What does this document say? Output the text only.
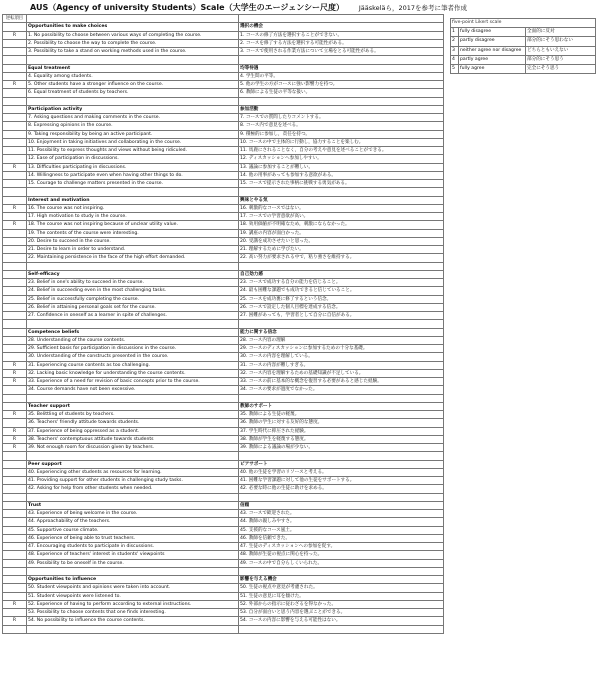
AUS（Agency of university Students）Scale（大学生のエージェンシー尺度） Jääskeläら，2017を参考に筆者作成
逆転項目		
	Opportunities to make choices	選択の機会
R	1. No possibility to choose between various ways of completing the course.	1. コースの修了方法を選択することができない。
	2. Possibility to choose the way to complete the course.	2. コースを修了する方法を選択する可能性がある。
	3. Possibility to take a stand on working methods used in the course.	3. コースで使用される作業方法について立場をとる可能性がある。

	Equal treatment	均等待遇
	4. Equality among students.	4. 学生間の平等。
R	5. Other students have a stronger influence on the course.	5. 他の学生の方がコースに強い影響力を持つ。
	6. Equal treatment of students by teachers.	6. 教師による生徒の平等な扱い。

	Participation activity	参加活動
	7. Asking questions and making comments in the course.	7. コースでの質問したりコメントする。
	8. Expressing opinions in the course.	8. コース内で意見を述べる。
	9. Taking responsibility by being an active participant.	9. 積極的に参加し，責任を持つ。
	10. Enjoyment in taking initiatives and collaborating in the course.	10. コースの中で主体的に行動し，協力することを楽しむ。
	11. Possibility to express thoughts and views without being ridiculed.	11. 馬鹿にされることなく，自分の考えや意見を述べることができる。
	12. Ease of participation in discussions.	12. ディスカッションへ参加しやすい。
R	13. Difficulties participating in discussions.	13. 議論に参加することが難しい。
	14. Willingness to participate even when having other things to do.	14. 他の用事があっても参加する意欲がある。
	15. Courage to challenge matters presented in the course.	15. コースで提示された事柄に挑戦する勇気がある。

	Interest and motivation	興味とやる気
R	16. The course was not inspiring.	16. 刺激的なコースではない。
	17. High motivation to study in the course.	17. コースでの学習意欲が高い。
R	18. The course was not inspiring because of unclear utility value.	18. 効用価値が不明確なため，刺激にならなかった。
	19. The contents of the course were interesting.	19. 講座の内容が面白かった。
	20. Desire to succeed in the course.	20. 受講を成功させたいと思った。
	21. Desire to learn in order to understand.	21. 理解するために学びたい。
	22. Maintaining persistence in the face of the high effort demanded.	22. 高い努力が要求される中で，粘り強さを維持する。

	Self-efficacy	自己効力感
	23. Belief in one's ability to succeed in the course.	23. コースで成功する自分の能力を信じること。
	24. Belief in succeeding even in the most challenging tasks.	24. 最も困難な課題でも成功できると信じていること。
	25. Belief in successfully completing the course.	25. コースを成功裏に修了するという信念。
	26. Belief in attaining personal goals set for the course.	26. コースで設定した個人目標を達成する信念。
	27. Confidence in oneself as a learner in spite of challenges.	27. 困難があっても，学習者として自分に自信がある。

	Competence beliefs	能力に関する信念
	28. Understanding of the course contents.	28. コース内容の理解
	29. Sufficient basis for participation in discussions in the course.	29. コースのディスカッションに参加するための十分な基礎。
	30. Understanding of the constructs presented in the course.	30. コースの内容を理解している。
R	31. Experiencing course contents as too challenging.	31. コースの内容が難しすぎる。
R	32. Lacking basic knowledge for understanding the course contents.	32. コース内容を理解するための基礎知識が不足している。
R	33. Experience of a need for revision of basic concepts prior to the course.	33. コースの前に基本的な概念を復習する必要があると感じた経験。
	34. Course demands have not been excessive.	34. コースの要求が過度でなかった。

	Teacher support	教師のサポート
R	35. Belittling of students by teachers.	35. 教師による生徒の軽蔑。
	36. Teachers' friendly attitude towards students.	36. 教師の学生に対する友好的な態度。
R	37. Experience of being oppressed as a student.	37. 学生時代に抑圧された経験。
R	38. Teachers' contemptuous attitude towards students	38. 教師が学生を軽蔑する態度。
R	39. Not enough room for discussion given by teachers.	39. 教師による議論の場が少ない。

	Peer support	ピアサポート
	40. Experiencing other students as resources for learning.	40. 他の生徒を学習のリソースと考える。
	41. Providing support for other students in challenging study tasks.	41. 困難な学習課題に対して他の生徒をサポートする。
	42. Asking for help from other students when needed.	42. 必要な時に他の生徒に助けを求める。

	Trust	信頼
	43. Experience of being welcome in the course.	43. コースで歓迎された。
	44. Approachability of the teachers.	44. 教師の親しみやすさ。
	45. Supportive course climate.	45. 支援的なコース風土。
	46. Experience of being able to trust teachers.	46. 教師を信頼できた。
	47. Encouraging students to participate in discussions.	47. 生徒のディスカッションへの参加を促す。
	48. Experience of teachers' interest in students' viewpoints	48. 教師が生徒の視点に関心を持った。
	49. Possibility to be oneself in the course.	49. コースの中で自分らしくいられた。

	Opportunities to influence	影響を与える機会
	50. Student viewpoints and opinions were taken into account.	50. 生徒の視点や意見が考慮された。
	51. Student viewpoints were listened to.	51. 生徒の意見に耳を傾けた。
R	52. Experience of having to perform according to external instructions.	52. 外部からの指示に従わざるを得なかった。
	53. Possibility to choose contents that one finds interesting.	53. 自分が面白いと思う内容を選ぶことができる。
R	54. No possibility to influence the course contents.	54. コースの内容に影響を与える可能性はない。

five-point Likert scale		
1	fully disagree	全面的に反対
2	partly disagree	部分的にそう思わない
3	neither agree nor disagree	どちらともいえない
4	partly agree	部分的にそう思う
5	fully agree	完全にそう思う
